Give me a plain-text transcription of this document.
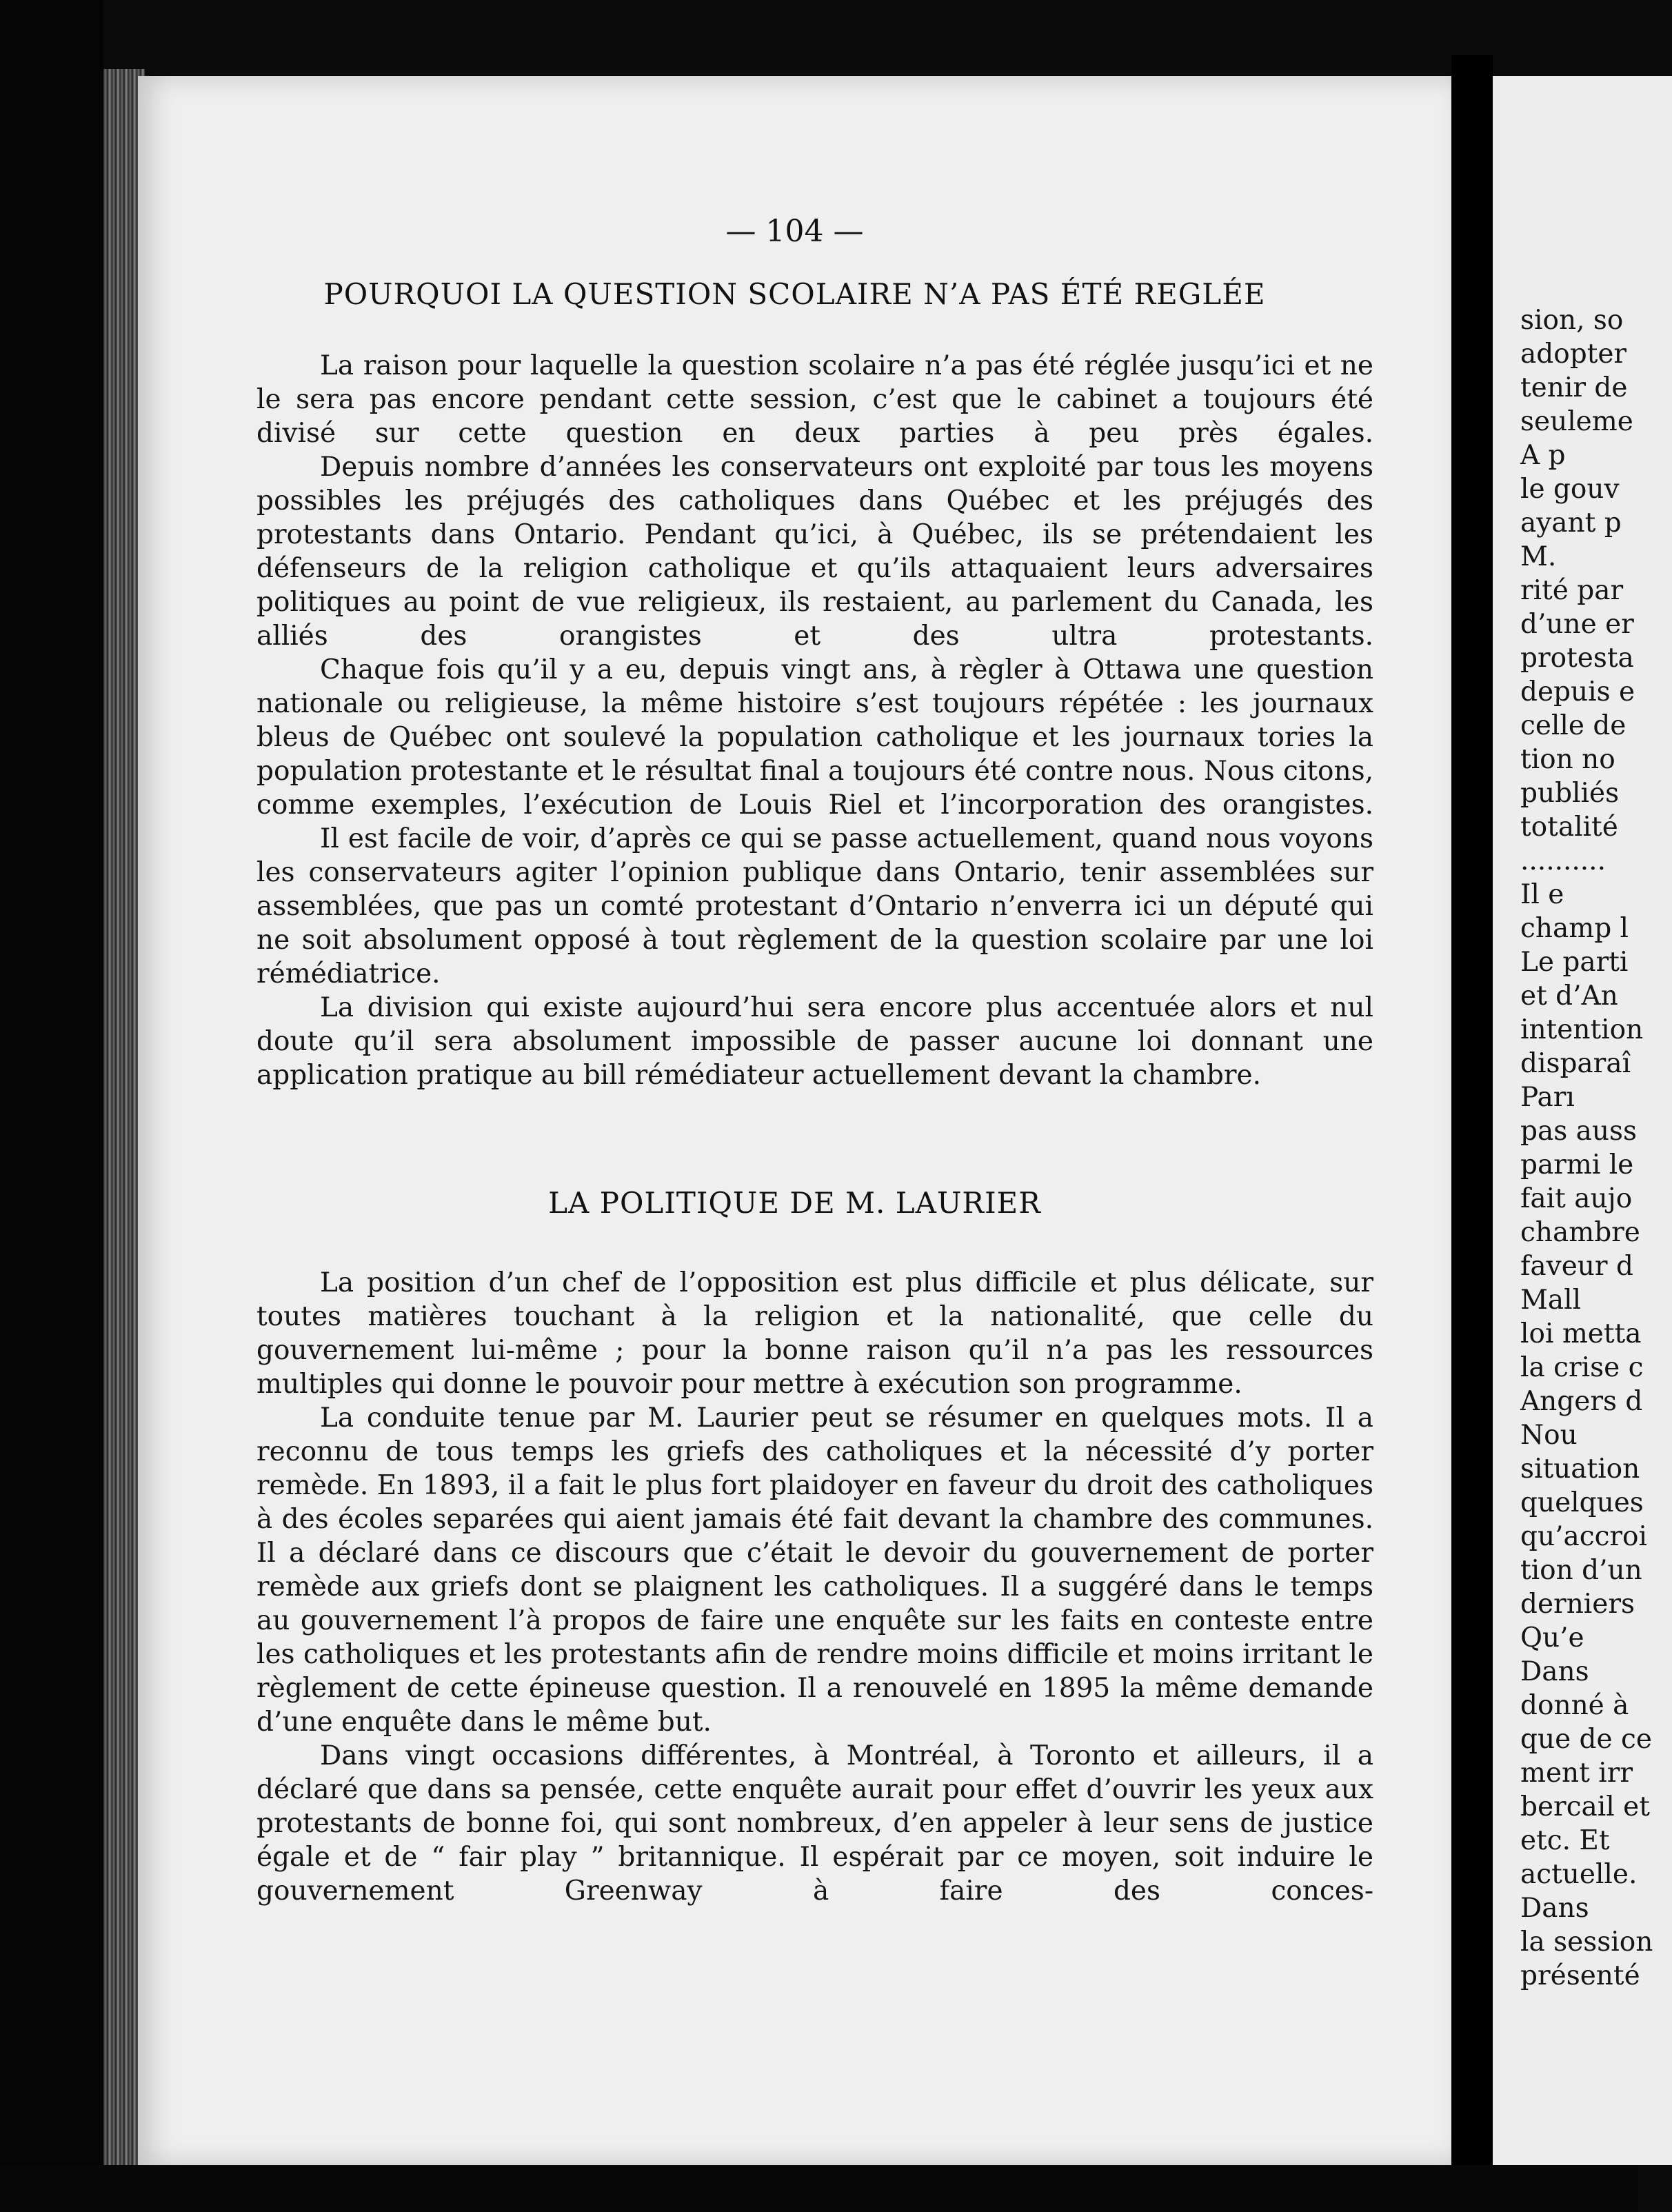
— 104 —
POURQUOI LA QUESTION SCOLAIRE N’A PAS ÉTÉ REGLÉE

La raison pour laquelle la question scolaire n’a pas été réglée jusqu’ici et ne le sera pas encore pendant cette session, c’est que le cabinet a toujours été divisé sur cette question en deux parties à peu près égales.

Depuis nombre d’années les conservateurs ont exploité par tous les moyens possibles les préjugés des catholiques dans Québec et les préjugés des protestants dans Ontario. Pendant qu’ici, à Québec, ils se prétendaient les défenseurs de la religion catholique et qu’ils attaquaient leurs adversaires politiques au point de vue religieux, ils restaient, au parlement du Canada, les alliés des orangistes et des ultra protestants.

Chaque fois qu’il y a eu, depuis vingt ans, à règler à Ottawa une question nationale ou religieuse, la même histoire s’est toujours répétée : les journaux bleus de Québec ont soulevé la population catholique et les journaux tories la population protestante et le résultat final a toujours été contre nous. Nous citons, comme exemples, l’exécution de Louis Riel et l’incorporation des orangistes.

Il est facile de voir, d’après ce qui se passe actuellement, quand nous voyons les conservateurs agiter l’opinion publique dans Ontario, tenir assemblées sur assemblées, que pas un comté protestant d’Ontario n’enverra ici un député qui ne soit absolument opposé à tout règlement de la question scolaire par une loi rémédiatrice.

La division qui existe aujourd’hui sera encore plus accentuée alors et nul doute qu’il sera absolument impossible de passer aucune loi donnant une application pratique au bill rémédiateur actuellement devant la chambre.

LA POLITIQUE DE M. LAURIER

La position d’un chef de l’opposition est plus difficile et plus délicate, sur toutes matières touchant à la religion et la nationalité, que celle du gouvernement lui-même ; pour la bonne raison qu’il n’a pas les ressources multiples qui donne le pouvoir pour mettre à exécution son programme.

La conduite tenue par M. Laurier peut se résumer en quelques mots. Il a reconnu de tous temps les griefs des catholiques et la nécessité d’y porter remède. En 1893, il a fait le plus fort plaidoyer en faveur du droit des catholiques à des écoles separées qui aient jamais été fait devant la chambre des communes. Il a déclaré dans ce discours que c’était le devoir du gouvernement de porter remède aux griefs dont se plaignent les catholiques. Il a suggéré dans le temps au gouvernement l’à propos de faire une enquête sur les faits en conteste entre les catholiques et les protestants afin de rendre moins difficile et moins irritant le règlement de cette épineuse question. Il a renouvelé en 1895 la même demande d’une enquête dans le même but.

Dans vingt occasions différentes, à Montréal, à Toronto et ailleurs, il a déclaré que dans sa pensée, cette enquête aurait pour effet d’ouvrir les yeux aux protestants de bonne foi, qui sont nombreux, d’en appeler à leur sens de justice égale et de “ fair play ” britannique. Il espérait par ce moyen, soit induire le gouvernement Greenway à faire des conces-

sion, so
adopter
tenir de
seuleme
A p
le gouv
ayant p
M.
rité par
d’une er
protesta
depuis e
celle de
tion no
publiés
totalité
..........
Il e
champ l
Le parti
et d’An
intention
disparaî
Parı
pas auss
parmi le
fait aujo
chambre
faveur d
Mall
loi metta
la crise c
Angers d
Nou
situation
quelques
qu’accroi
tion d’un
derniers
Qu’e
Dans
donné à
que de ce
ment irr
bercail et
etc. Et
actuelle.
Dans
la session
présenté
